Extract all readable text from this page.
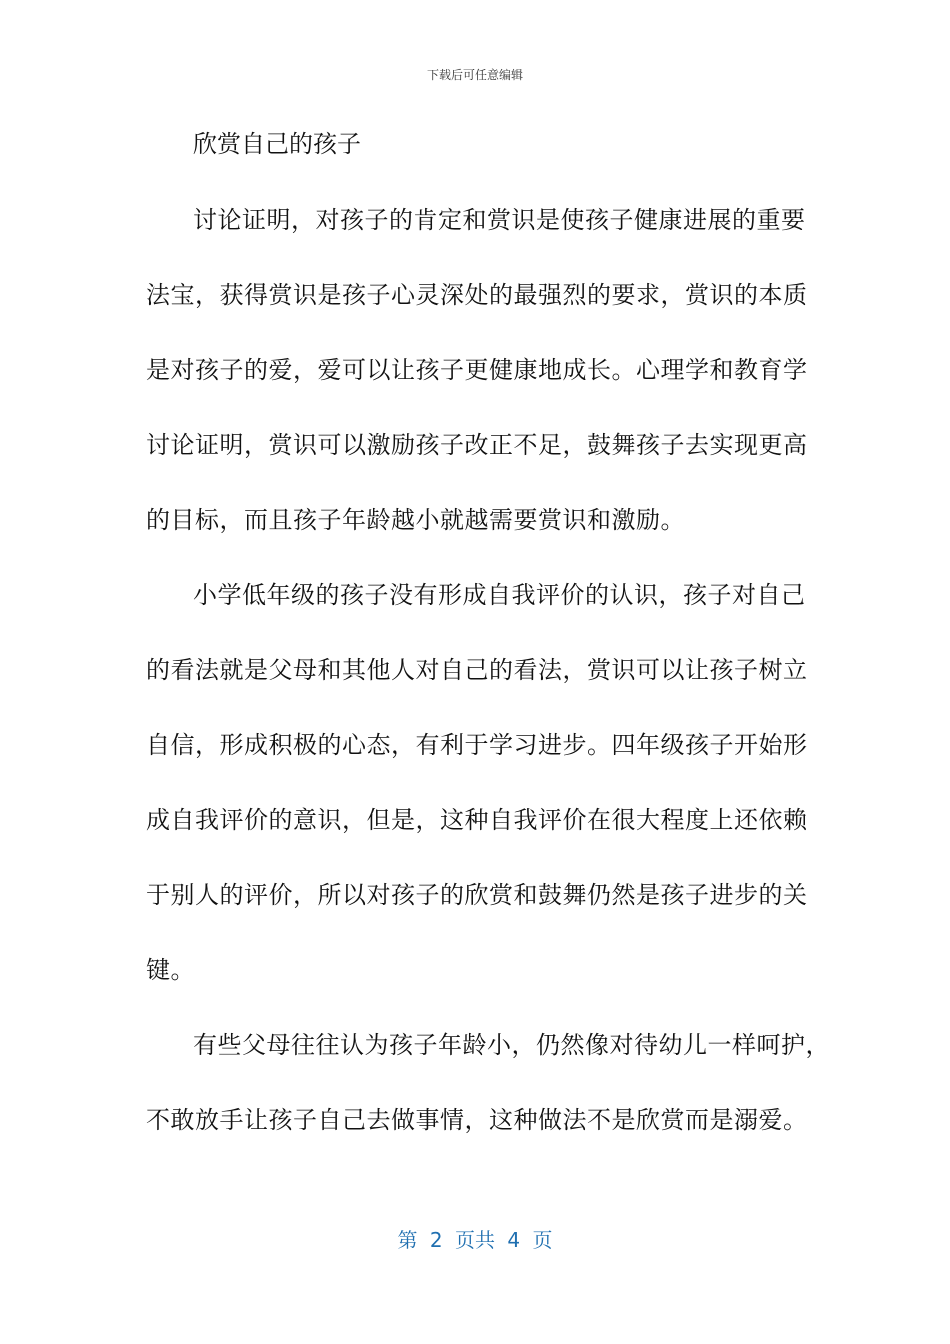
下载后可任意编辑
欣赏自己的孩子
讨论证明，对孩子的肯定和赏识是使孩子健康进展的重要
法宝，获得赏识是孩子心灵深处的最强烈的要求，赏识的本质
是对孩子的爱，爱可以让孩子更健康地成长。心理学和教育学
讨论证明，赏识可以激励孩子改正不足，鼓舞孩子去实现更高
的目标，而且孩子年龄越小就越需要赏识和激励。
小学低年级的孩子没有形成自我评价的认识，孩子对自己
的看法就是父母和其他人对自己的看法，赏识可以让孩子树立
自信，形成积极的心态，有利于学习进步。四年级孩子开始形
成自我评价的意识，但是，这种自我评价在很大程度上还依赖
于别人的评价，所以对孩子的欣赏和鼓舞仍然是孩子进步的关
键。
有些父母往往认为孩子年龄小，仍然像对待幼儿一样呵护，
不敢放手让孩子自己去做事情，这种做法不是欣赏而是溺爱。
第 2 页共 4 页
